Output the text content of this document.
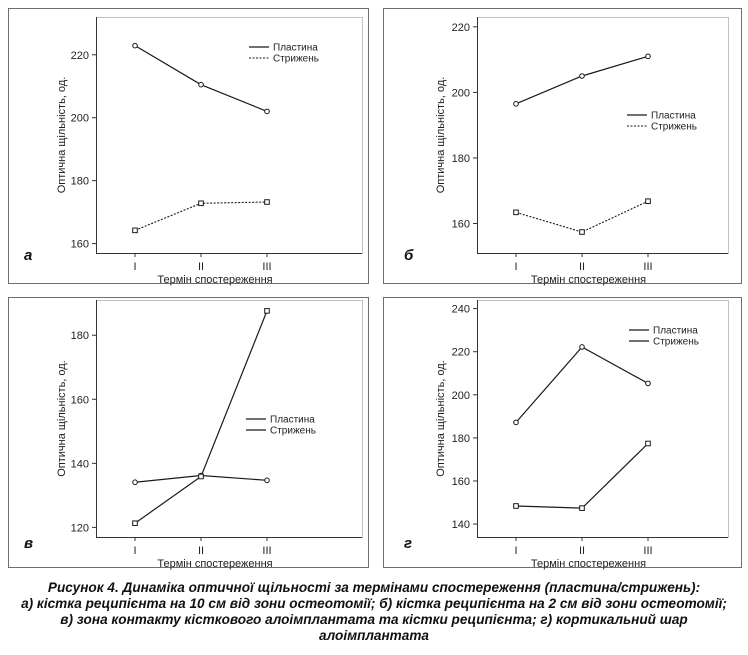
160
180
200
220
I	II	III
Термін спостереження
Оптична щільність, од.
а
Пластина
Стрижень
160
180
200
220
I	II	III
Термін спостереження
Оптична щільність, од.
б
Пластина
Стрижень
120
140
160
180
I	II	III
Термін спостереження
Оптична щільність, од.
в
Пластина
Стрижень
140
160
180
200
220
240
I	II	III
Термін спостереження
Оптична щільність, од.
г
Пластина
Стрижень
Рисунок 4. Динаміка оптичної щільності за термінами спостереження (пластина/стрижень):
а) кістка реципієнта на 10 см від зони остеотомії; б) кістка реципієнта на 2 см від зони остеотомії;
в) зона контакту кісткового алоімплантата та кістки реципієнта; г) кортикальний шар
алоімплантата
